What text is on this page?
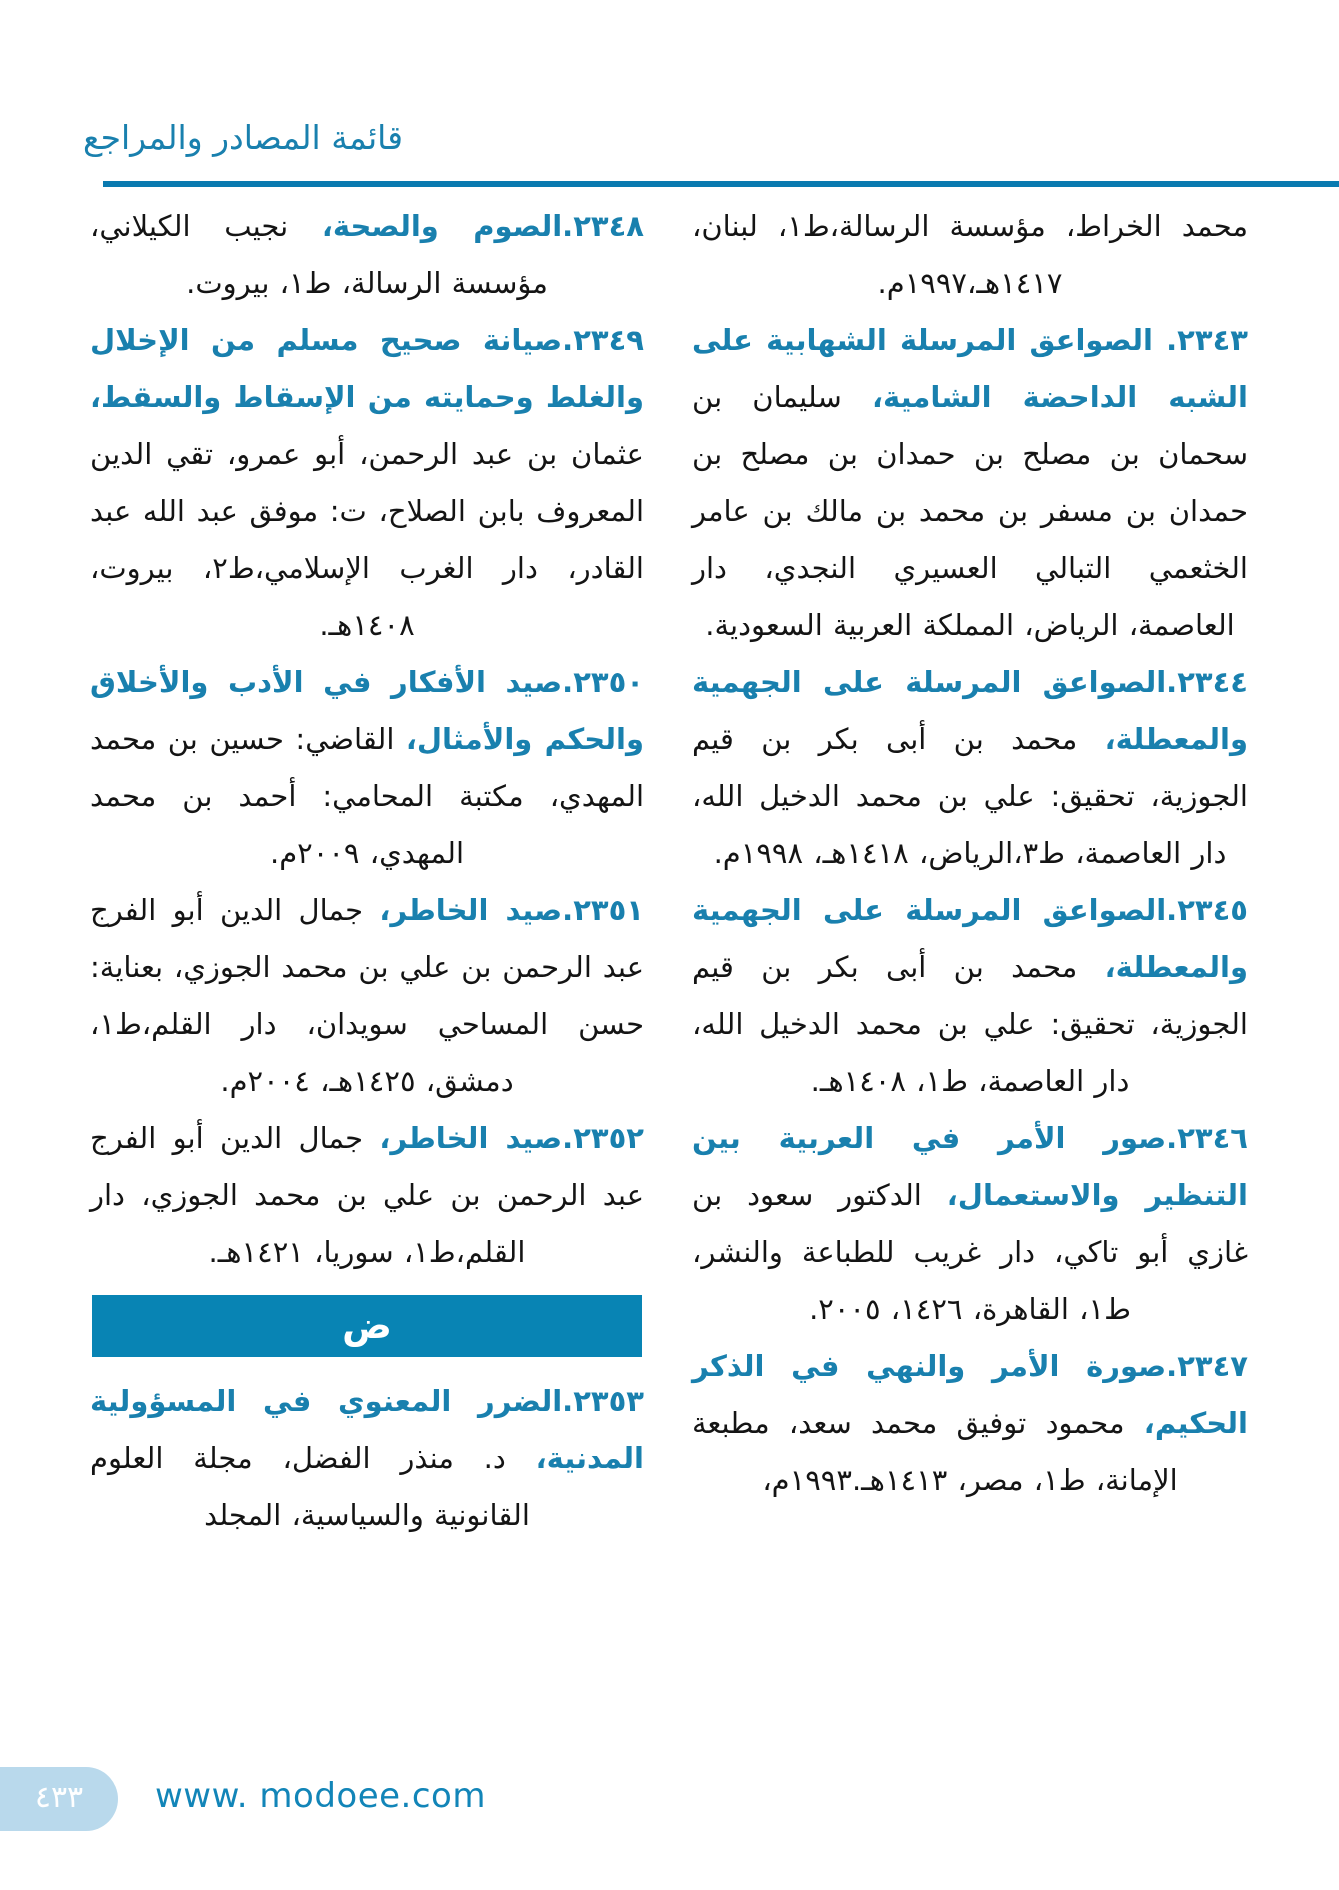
قائمة المصادر والمراجع

محمد الخراط، مؤسسة الرسالة،ط١، لبنان، ١٤١٧هـ،١٩٩٧م.

٢٣٤٣. الصواعق المرسلة الشهابية على الشبه الداحضة الشامية، سليمان بن سحمان بن مصلح بن حمدان بن مصلح بن حمدان بن مسفر بن محمد بن مالك بن عامر الخثعمي التبالي العسيري النجدي، دار العاصمة، الرياض، المملكة العربية السعودية.

٢٣٤٤.الصواعق المرسلة على الجهمية والمعطلة، محمد بن أبى بكر بن قيم الجوزية، تحقيق: علي بن محمد الدخيل الله، دار العاصمة، ط٣،الرياض، ١٤١٨هـ، ١٩٩٨م.

٢٣٤٥.الصواعق المرسلة على الجهمية والمعطلة، محمد بن أبى بكر بن قيم الجوزية، تحقيق: علي بن محمد الدخيل الله، دار العاصمة، ط١، ١٤٠٨هـ.

٢٣٤٦.صور الأمر في العربية بين التنظير والاستعمال، الدكتور سعود بن غازي أبو تاكي، دار غريب للطباعة والنشر، ط١، القاهرة، ١٤٢٦، ٢٠٠٥.

٢٣٤٧.صورة الأمر والنهي في الذكر الحكيم، محمود توفيق محمد سعد، مطبعة الإمانة، ط١، مصر، ١٤١٣هـ.١٩٩٣م،

٢٣٤٨.الصوم والصحة، نجيب الكيلاني، مؤسسة الرسالة، ط١، بيروت.

٢٣٤٩.صيانة صحيح مسلم من الإخلال والغلط وحمايته من الإسقاط والسقط، عثمان بن عبد الرحمن، أبو عمرو، تقي الدين المعروف بابن الصلاح، ت: موفق عبد الله عبد القادر، دار الغرب الإسلامي،ط٢، بيروت، ١٤٠٨هـ.

٢٣٥٠.صيد الأفكار في الأدب والأخلاق والحكم والأمثال، القاضي: حسين بن محمد المهدي، مكتبة المحامي: أحمد بن محمد المهدي، ٢٠٠٩م.

٢٣٥١.صيد الخاطر، جمال الدين أبو الفرج عبد الرحمن بن علي بن محمد الجوزي، بعناية: حسن المساحي سويدان، دار القلم،ط١، دمشق، ١٤٢٥هـ، ٢٠٠٤م.

٢٣٥٢.صيد الخاطر، جمال الدين أبو الفرج عبد الرحمن بن علي بن محمد الجوزي، دار القلم،ط١، سوريا، ١٤٢١هـ.

ض

٢٣٥٣.الضرر المعنوي في المسؤولية المدنية، د. منذر الفضل، مجلة العلوم القانونية والسياسية، المجلد

٤٣٣	www. modoee.com
